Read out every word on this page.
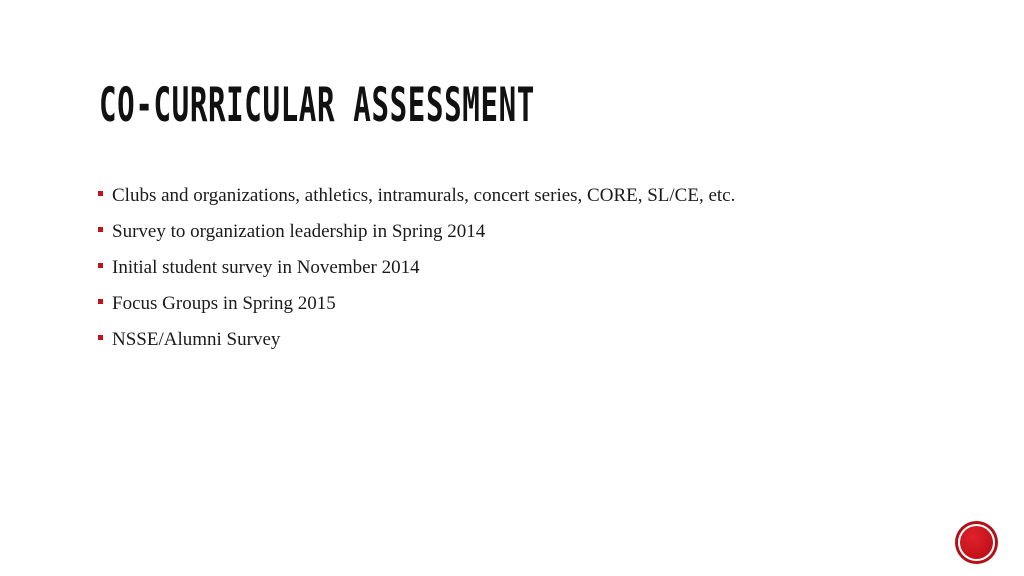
CO-CURRICULAR ASSESSMENT
Clubs and organizations, athletics, intramurals, concert series, CORE, SL/CE, etc.
Survey to organization leadership in Spring 2014
Initial student survey in November 2014
Focus Groups in Spring 2015
NSSE/Alumni Survey
